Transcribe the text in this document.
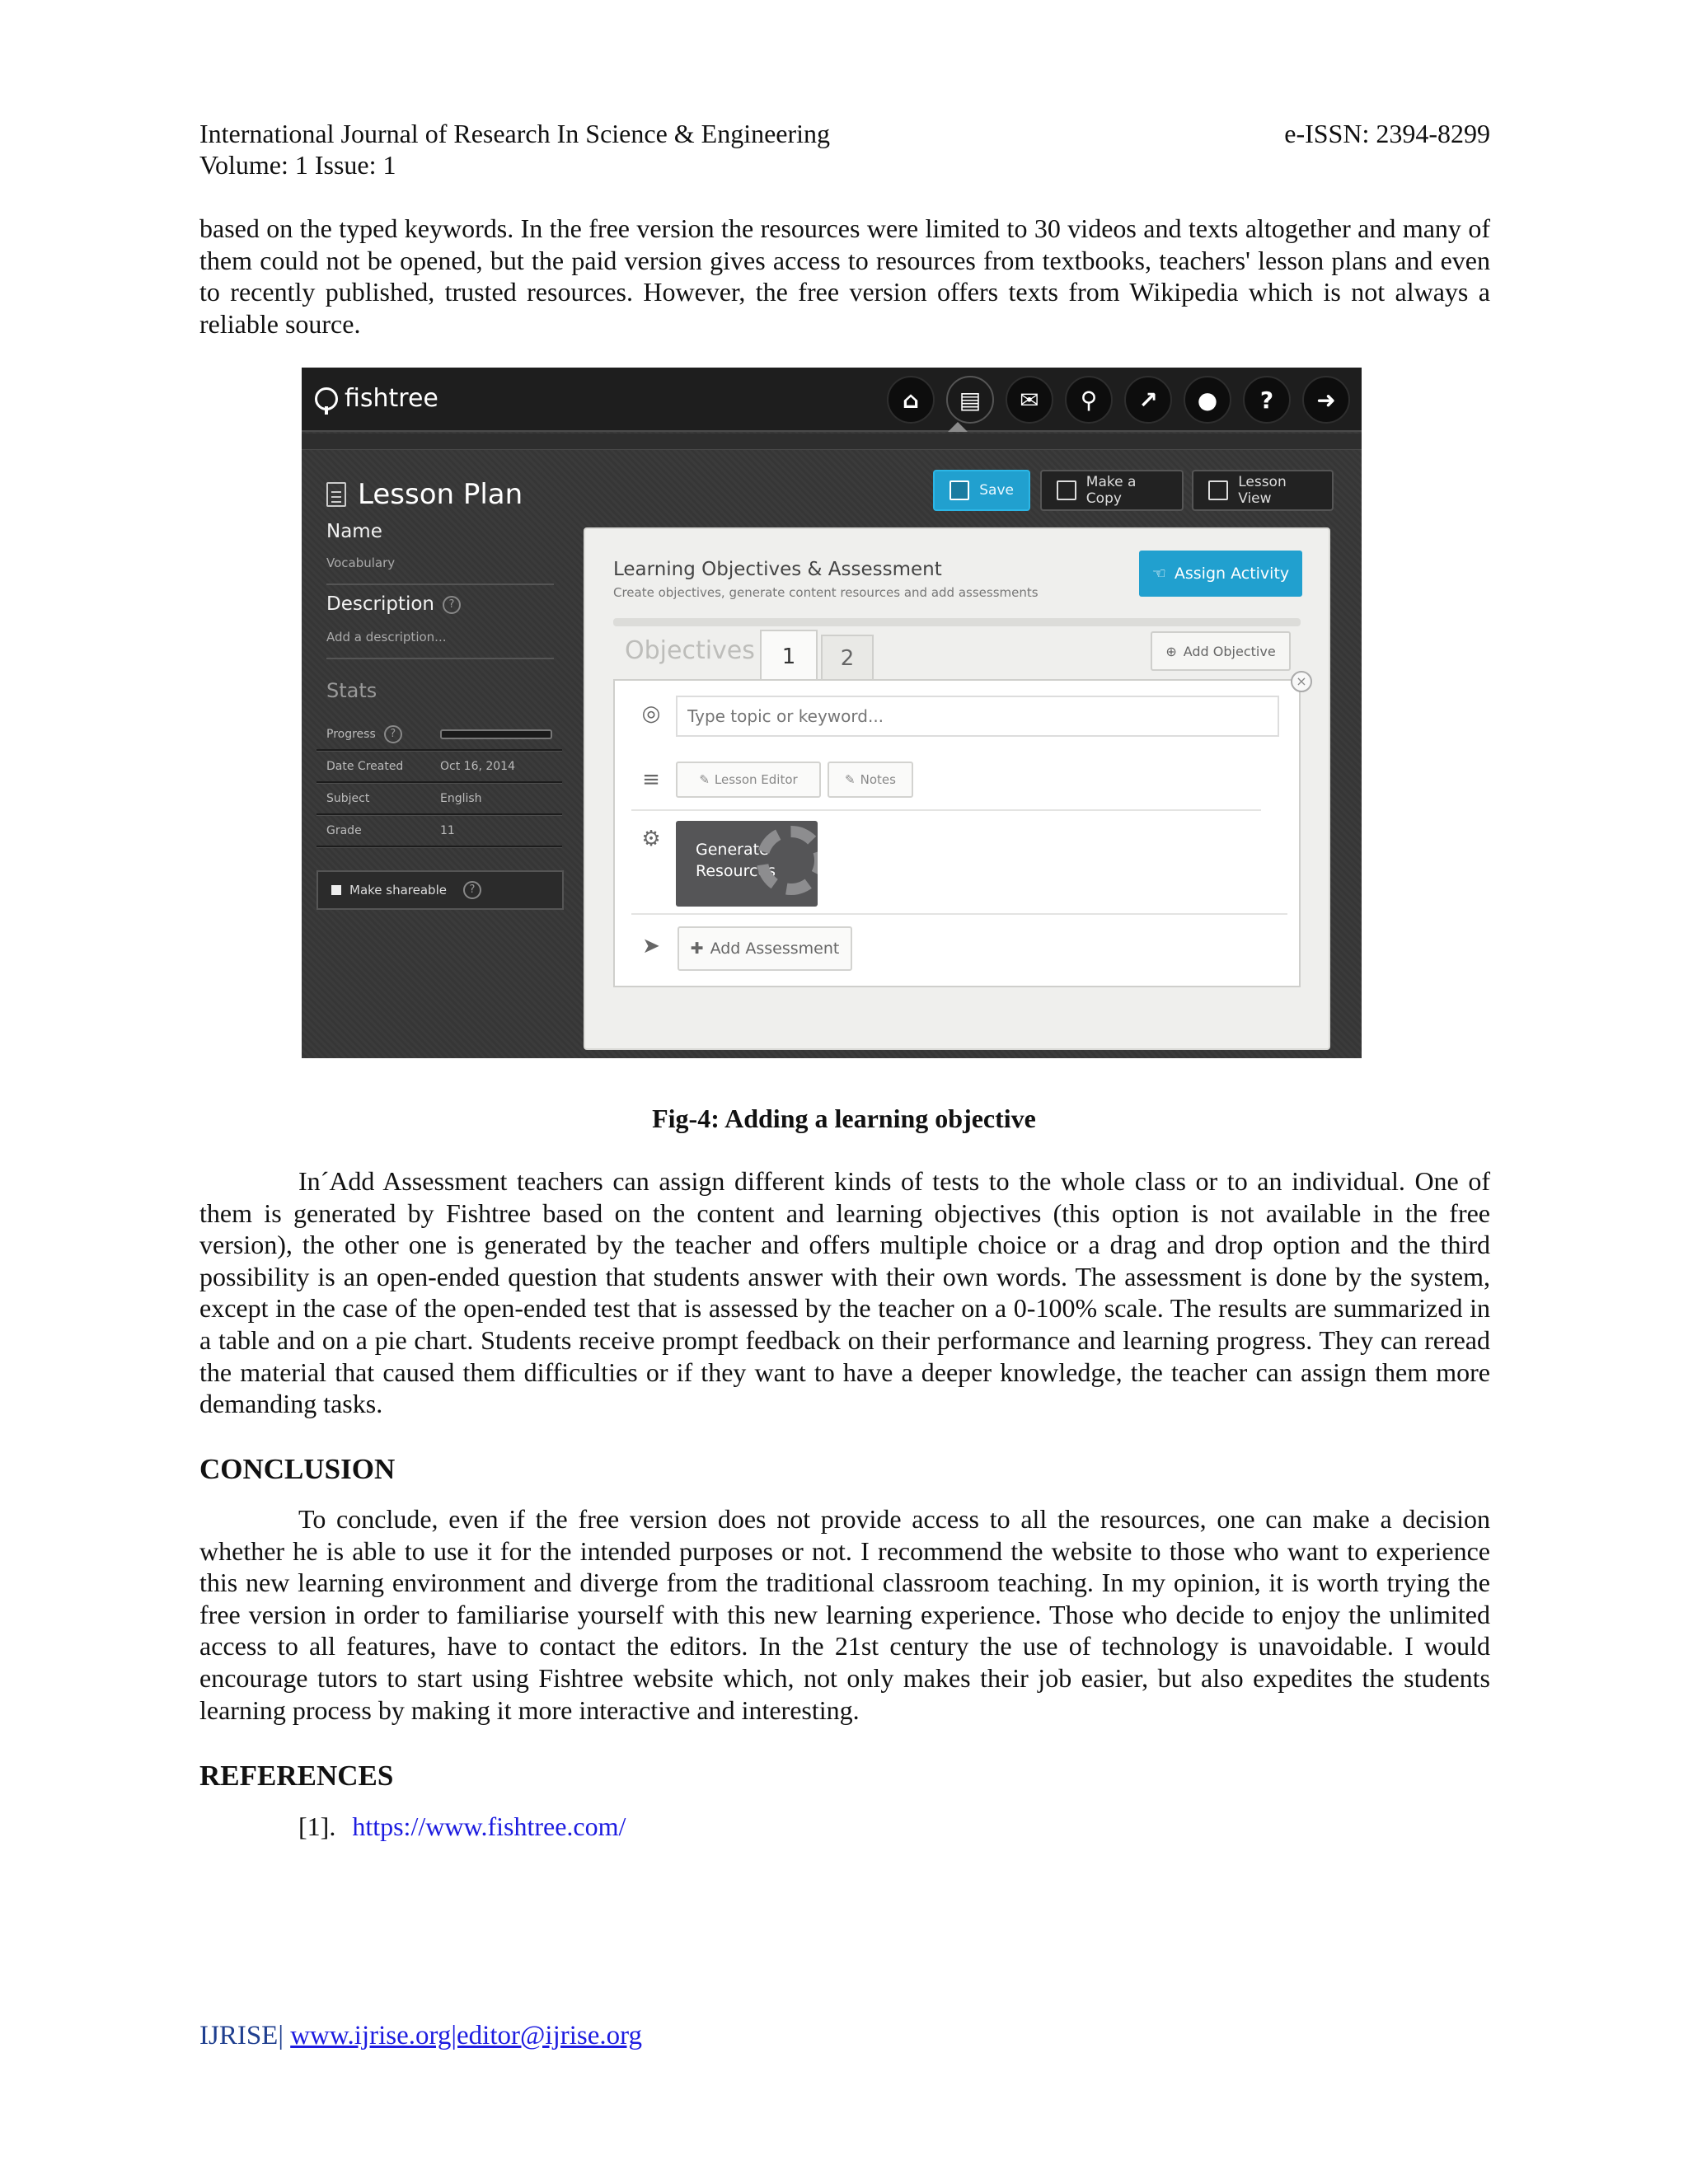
International Journal of Research In Science & Engineering	e-ISSN: 2394-8299
Volume: 1 Issue: 1

based on the typed keywords. In the free version the resources were limited to 30 videos and texts altogether and many of them could not be opened, but the paid version gives access to resources from textbooks, teachers' lesson plans and even to recently published, trusted resources. However, the free version offers texts from Wikipedia which is not always a reliable source.

fishtree	⌂	▤	✉	⚲	↗	●	?	➜
Lesson Plan	Save	Make a Copy
Lesson View
Name
Vocabulary
Description ?
Add a description...
Stats
Progress ?
Date Created	Oct 16, 2014
Subject	English
Grade	11
Make shareable	?
Learning Objectives & Assessment
Create objectives, generate content resources and add assessments
☜ Assign Activity
Objectives	1	2	⊕ Add Objective
◎
Type topic or keyword...
≡	✎ Lesson Editor	✎ Notes
⚙ Generate
Resources
➤ ✚ Add Assessment
×
Fig-4: Adding a learning objective

In´Add Assessment teachers can assign different kinds of tests to the whole class or to an individual. One of them is generated by Fishtree based on the content and learning objectives (this option is not available in the free version), the other one is generated by the teacher and offers multiple choice or a drag and drop option and the third possibility is an open-ended question that students answer with their own words. The assessment is done by the system, except in the case of the open-ended test that is assessed by the teacher on a 0-100% scale. The results are summarized in a table and on a pie chart. Students receive prompt feedback on their performance and learning progress. They can reread the material that caused them difficulties or if they want to have a deeper knowledge, the teacher can assign them more demanding tasks.

CONCLUSION

To conclude, even if the free version does not provide access to all the resources, one can make a decision whether he is able to use it for the intended purposes or not. I recommend the website to those who want to experience this new learning environment and diverge from the traditional classroom teaching. In my opinion, it is worth trying the free version in order to familiarise yourself with this new learning experience. Those who decide to enjoy the unlimited access to all features, have to contact the editors. In the 21st century the use of technology is unavoidable. I would encourage tutors to start using Fishtree website which, not only makes their job easier, but also expedites the students learning process by making it more interactive and interesting.

REFERENCES
[1]. https://www.fishtree.com/
IJRISE| www.ijrise.org|editor@ijrise.org
